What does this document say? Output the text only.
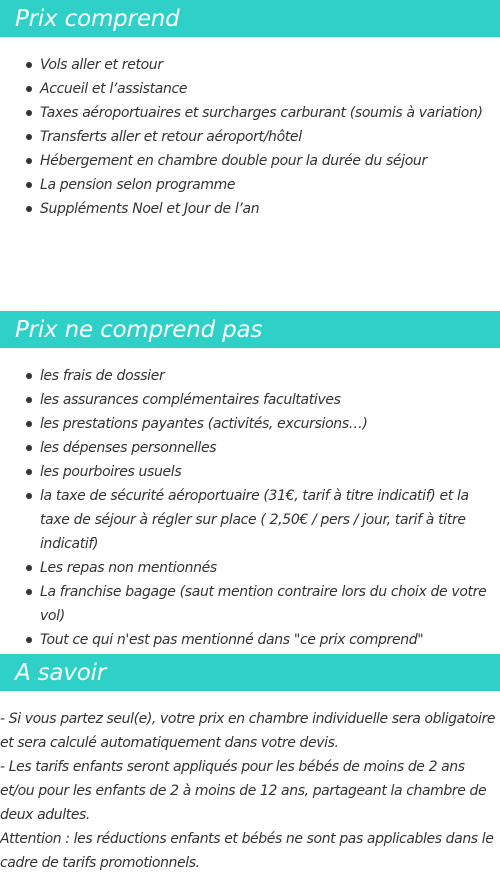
Prix comprend
Vols aller et retour
Accueil et l’assistance
Taxes aéroportuaires et surcharges carburant (soumis à variation)
Transferts aller et retour aéroport/hôtel
Hébergement en chambre double pour la durée du séjour
La pension selon programme
Suppléments Noel et Jour de l’an
Prix ne comprend pas
les frais de dossier
les assurances complémentaires facultatives
les prestations payantes (activités, excursions…)
les dépenses personnelles
les pourboires usuels
la taxe de sécurité aéroportuaire (31€, tarif à titre indicatif) et la taxe de séjour à régler sur place ( 2,50€ / pers / jour, tarif à titre indicatif)
Les repas non mentionnés
La franchise bagage (saut mention contraire lors du choix de votre vol)
Tout ce qui n'est pas mentionné dans "ce prix comprend"
A savoir

- Si vous partez seul(e), votre prix en chambre individuelle sera obligatoire et sera calculé automatiquement dans votre devis.

- Les tarifs enfants seront appliqués pour les bébés de moins de 2 ans et/ou pour les enfants de 2 à moins de 12 ans, partageant la chambre de deux adultes.

Attention : les réductions enfants et bébés ne sont pas applicables dans le cadre de tarifs promotionnels.
